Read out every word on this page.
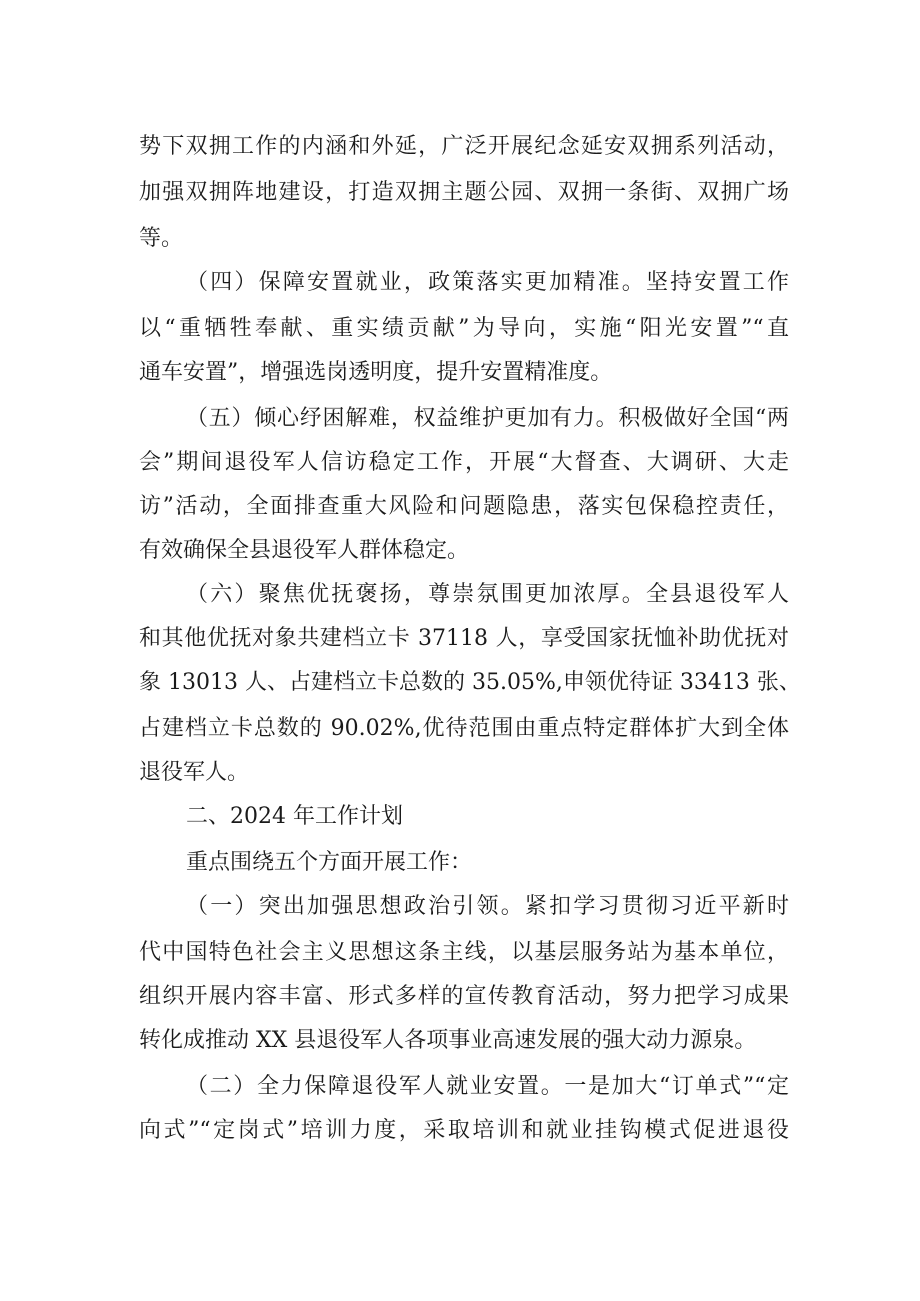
势下双拥工作的内涵和外延，广泛开展纪念延安双拥系列活动，
加强双拥阵地建设，打造双拥主题公园、双拥一条街、双拥广场
等。
（四）保障安置就业，政策落实更加精准。坚持安置工作
以“重牺牲奉献、重实绩贡献”为导向，实施“阳光安置”“直
通车安置”，增强选岗透明度，提升安置精准度。
（五）倾心纾困解难，权益维护更加有力。积极做好全国“两
会”期间退役军人信访稳定工作，开展“大督查、大调研、大走
访”活动，全面排查重大风险和问题隐患，落实包保稳控责任，
有效确保全县退役军人群体稳定。
（六）聚焦优抚褒扬，尊崇氛围更加浓厚。全县退役军人
和其他优抚对象共建档立卡 37118 人，享受国家抚恤补助优抚对
象 13013 人、占建档立卡总数的 35.05%,申领优待证 33413 张、
占建档立卡总数的 90.02%,优待范围由重点特定群体扩大到全体
退役军人。
二、2024 年工作计划
重点围绕五个方面开展工作：
（一）突出加强思想政治引领。紧扣学习贯彻习近平新时
代中国特色社会主义思想这条主线，以基层服务站为基本单位，
组织开展内容丰富、形式多样的宣传教育活动，努力把学习成果
转化成推动 XX 县退役军人各项事业高速发展的强大动力源泉。
（二）全力保障退役军人就业安置。一是加大“订单式”“定
向式”“定岗式”培训力度，采取培训和就业挂钩模式促进退役
